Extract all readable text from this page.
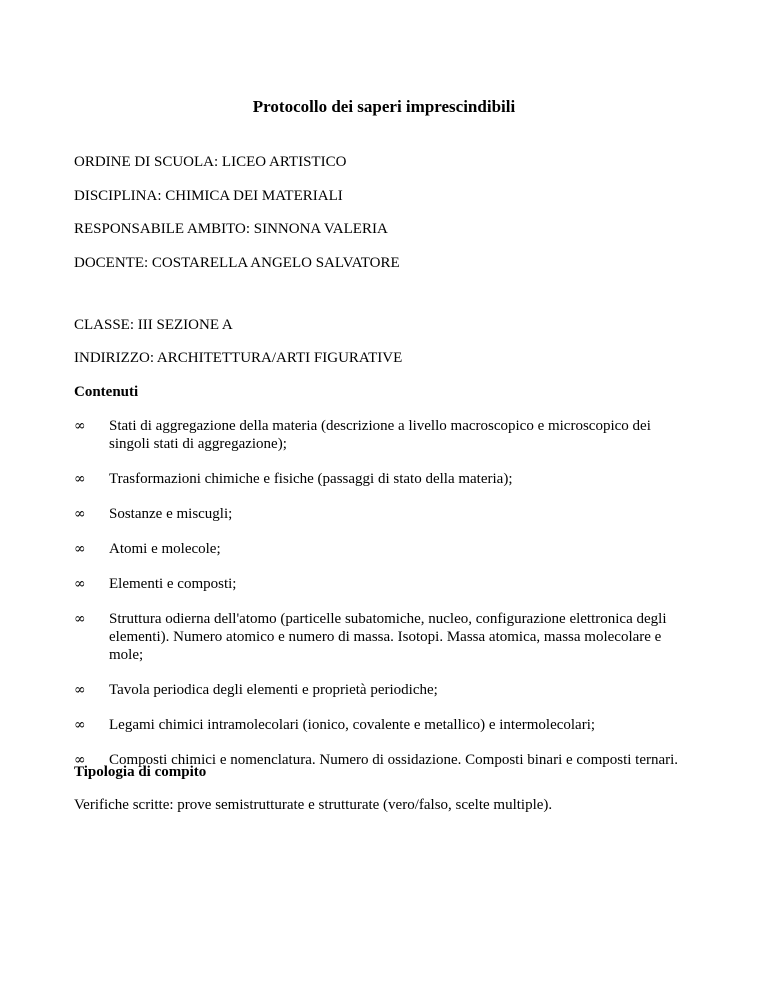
Protocollo dei saperi imprescindibili
ORDINE DI SCUOLA: LICEO ARTISTICO
DISCIPLINA: CHIMICA DEI MATERIALI
RESPONSABILE AMBITO: SINNONA VALERIA
DOCENTE: COSTARELLA ANGELO SALVATORE
CLASSE: III SEZIONE A
INDIRIZZO: ARCHITETTURA/ARTI FIGURATIVE
Contenuti
∞	Stati di aggregazione della materia (descrizione a livello macroscopico e microscopico dei singoli stati di aggregazione);
∞	Trasformazioni chimiche e fisiche (passaggi di stato della materia);
∞	Sostanze e miscugli;
∞	Atomi e molecole;
∞	Elementi e composti;
∞	Struttura odierna dell'atomo (particelle subatomiche, nucleo, configurazione elettronica degli elementi). Numero atomico e numero di massa. Isotopi. Massa atomica, massa molecolare e mole;
∞	Tavola periodica degli elementi e proprietà periodiche;
∞	Legami chimici intramolecolari (ionico, covalente e metallico) e intermolecolari;
∞	Composti chimici e nomenclatura. Numero di ossidazione. Composti binari e composti ternari.
Tipologia di compito
Verifiche scritte: prove semistrutturate e strutturate (vero/falso, scelte multiple).
